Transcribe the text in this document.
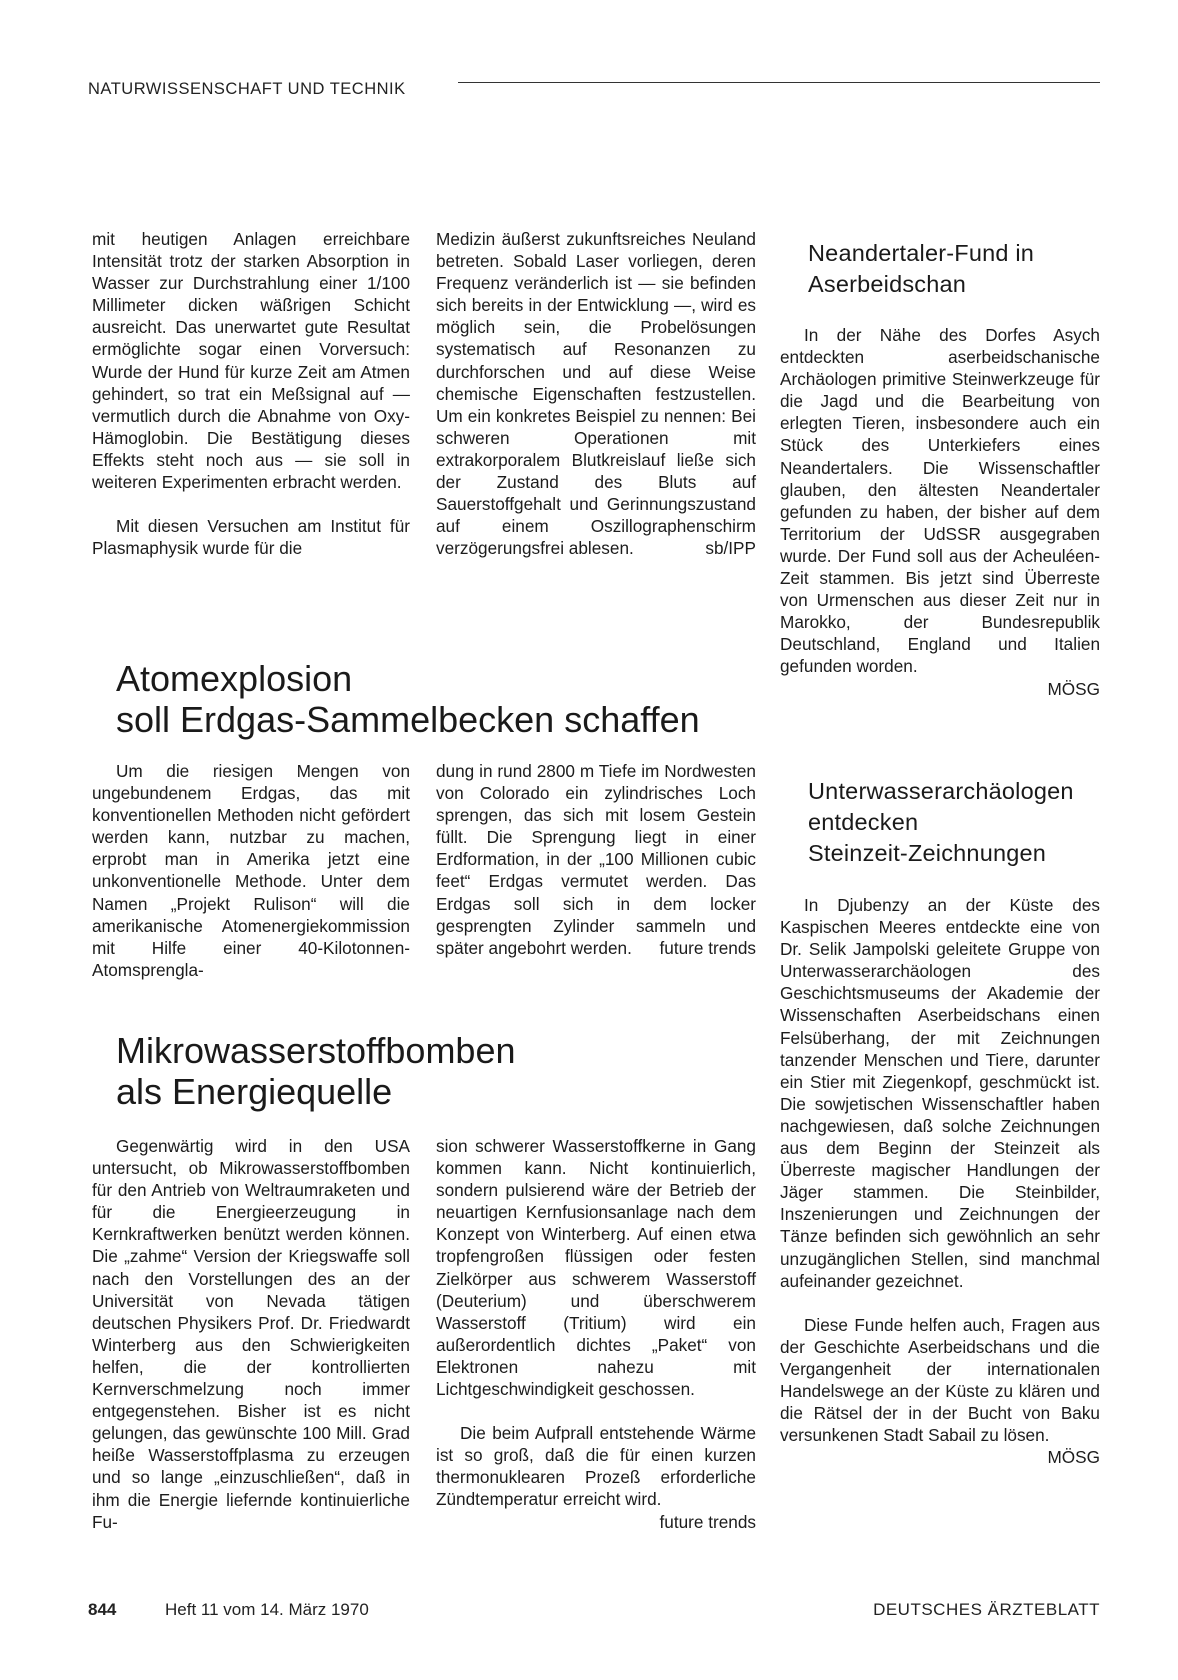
NATURWISSENSCHAFT UND TECHNIK

mit heutigen Anlagen erreichbare Intensität trotz der starken Absorption in Wasser zur Durchstrahlung einer 1/100 Millimeter dicken wäßrigen Schicht ausreicht. Das unerwartet gute Resultat ermöglichte sogar einen Vorversuch: Wurde der Hund für kurze Zeit am Atmen gehindert, so trat ein Meßsignal auf — vermutlich durch die Abnahme von Oxy-Hämoglobin. Die Bestätigung dieses Effekts steht noch aus — sie soll in weiteren Experimenten erbracht werden.

Mit diesen Versuchen am Institut für Plasmaphysik wurde für die

Medizin äußerst zukunftsreiches Neuland betreten. Sobald Laser vorliegen, deren Frequenz veränderlich ist — sie befinden sich bereits in der Entwicklung —, wird es möglich sein, die Probelösungen systematisch auf Resonanzen zu durchforschen und auf diese Weise chemische Eigenschaften festzustellen. Um ein konkretes Beispiel zu nennen: Bei schweren Operationen mit extrakorporalem Blutkreislauf ließe sich der Zustand des Bluts auf Sauerstoffgehalt und Gerinnungszustand auf einem Oszillographenschirm verzögerungsfrei ablesen.	sb/IPP

Atomexplosion
soll Erdgas-Sammelbecken schaffen

Um die riesigen Mengen von ungebundenem Erdgas, das mit konventionellen Methoden nicht gefördert werden kann, nutzbar zu machen, erprobt man in Amerika jetzt eine unkonventionelle Methode. Unter dem Namen „Projekt Rulison“ will die amerikanische Atomenergiekommission mit Hilfe einer 40-Kilotonnen-Atomsprengla-

dung in rund 2800 m Tiefe im Nordwesten von Colorado ein zylindrisches Loch sprengen, das sich mit losem Gestein füllt. Die Sprengung liegt in einer Erdformation, in der „100 Millionen cubic feet“ Erdgas vermutet werden. Das Erdgas soll sich in dem locker gesprengten Zylinder sammeln und später angebohrt werden. future trends

Mikrowasserstoffbomben
als Energiequelle

Gegenwärtig wird in den USA untersucht, ob Mikrowasserstoffbomben für den Antrieb von Weltraumraketen und für die Energieerzeugung in Kernkraftwerken benützt werden können. Die „zahme“ Version der Kriegswaffe soll nach den Vorstellungen des an der Universität von Nevada tätigen deutschen Physikers Prof. Dr. Friedwardt Winterberg aus den Schwierigkeiten helfen, die der kontrollierten Kernverschmelzung noch immer entgegenstehen. Bisher ist es nicht gelungen, das gewünschte 100 Mill. Grad heiße Wasserstoffplasma zu erzeugen und so lange „einzuschließen“, daß in ihm die Energie liefernde kontinuierliche Fu-

sion schwerer Wasserstoffkerne in Gang kommen kann. Nicht kontinuierlich, sondern pulsierend wäre der Betrieb der neuartigen Kernfusionsanlage nach dem Konzept von Winterberg. Auf einen etwa tropfengroßen flüssigen oder festen Zielkörper aus schwerem Wasserstoff (Deuterium) und überschwerem Wasserstoff (Tritium) wird ein außerordentlich dichtes „Paket“ von Elektronen nahezu mit Lichtgeschwindigkeit geschossen.

Die beim Aufprall entstehende Wärme ist so groß, daß die für einen kurzen thermonuklearen Prozeß erforderliche Zündtemperatur erreicht wird.
future trends

Neandertaler-Fund in
Aserbeidschan

In der Nähe des Dorfes Asych entdeckten aserbeidschanische Archäologen primitive Steinwerkzeuge für die Jagd und die Bearbeitung von erlegten Tieren, insbesondere auch ein Stück des Unterkiefers eines Neandertalers. Die Wissenschaftler glauben, den ältesten Neandertaler gefunden zu haben, der bisher auf dem Territorium der UdSSR ausgegraben wurde. Der Fund soll aus der Acheuléen-Zeit stammen. Bis jetzt sind Überreste von Urmenschen aus dieser Zeit nur in Marokko, der Bundesrepublik Deutschland, England und Italien gefunden worden.

MÖSG

Unterwasserarchäologen
entdecken
Steinzeit-Zeichnungen

In Djubenzy an der Küste des Kaspischen Meeres entdeckte eine von Dr. Selik Jampolski geleitete Gruppe von Unterwasserarchäologen des Geschichtsmuseums der Akademie der Wissenschaften Aserbeidschans einen Felsüberhang, der mit Zeichnungen tanzender Menschen und Tiere, darunter ein Stier mit Ziegenkopf, geschmückt ist. Die sowjetischen Wissenschaftler haben nachgewiesen, daß solche Zeichnungen aus dem Beginn der Steinzeit als Überreste magischer Handlungen der Jäger stammen. Die Steinbilder, Inszenierungen und Zeichnungen der Tänze befinden sich gewöhnlich an sehr unzugänglichen Stellen, sind manchmal aufeinander gezeichnet.

Diese Funde helfen auch, Fragen aus der Geschichte Aserbeidschans und die Vergangenheit der internationalen Handelswege an der Küste zu klären und die Rätsel der in der Bucht von Baku versunkenen Stadt Sabail zu lösen.

MÖSG

844	Heft 11 vom 14. März 1970	DEUTSCHES ÄRZTEBLATT
